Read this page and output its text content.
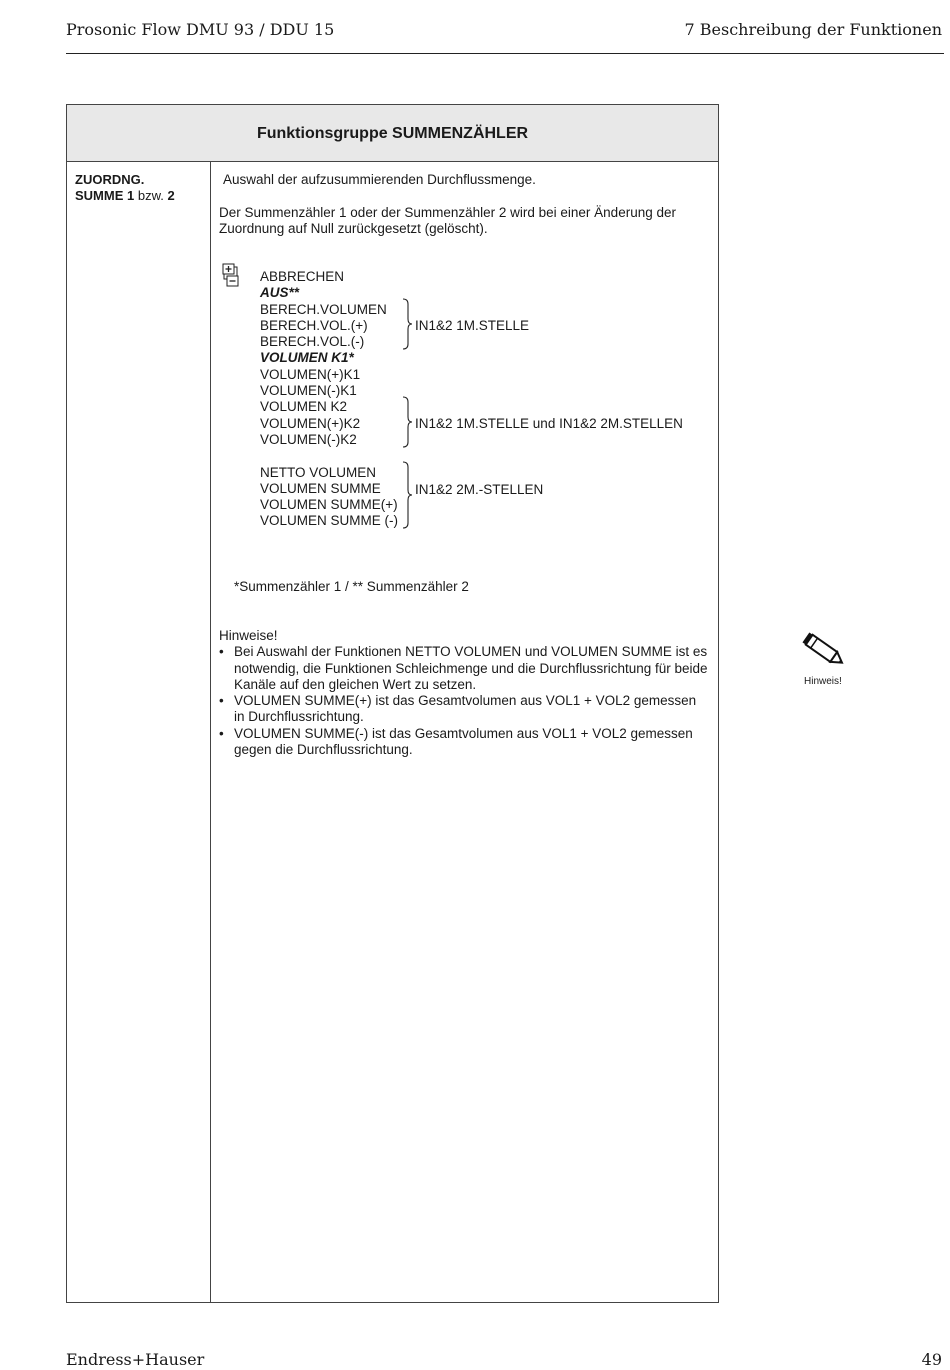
Prosonic Flow DMU 93 / DDU 15	7 Beschreibung der Funktionen
Funktionsgruppe SUMMENZÄHLER
ZUORDNG.
SUMME 1 bzw. 2
Auswahl der aufzusummierenden Durchflussmenge.
Der Summenzähler 1 oder der Summenzähler 2 wird bei einer Änderung der Zuordnung auf Null zurückgesetzt (gelöscht).
ABBRECHEN
AUS**
BERECH.VOLUMEN
BERECH.VOL.(+)
BERECH.VOL.(-)
VOLUMEN K1*
VOLUMEN(+)K1
VOLUMEN(-)K1
VOLUMEN K2
VOLUMEN(+)K2
VOLUMEN(-)K2
NETTO VOLUMEN
VOLUMEN SUMME
VOLUMEN SUMME(+)
VOLUMEN SUMME (-)
IN1&2 1M.STELLE
IN1&2 1M.STELLE und IN1&2 2M.STELLEN
IN1&2 2M.-STELLEN
*Summenzähler 1 / ** Summenzähler 2
Hinweise!
• Bei Auswahl der Funktionen NETTO VOLUMEN und VOLUMEN SUMME ist es notwendig, die Funktionen Schleichmenge und die Durchflussrichtung für beide Kanäle auf den gleichen Wert zu setzen.
• VOLUMEN SUMME(+) ist das Gesamtvolumen aus VOL1 + VOL2 gemessen in Durchflussrichtung.
• VOLUMEN SUMME(-) ist das Gesamtvolumen aus VOL1 + VOL2 gemessen gegen die Durchflussrichtung.
Hinweis!
Endress+Hauser	49
